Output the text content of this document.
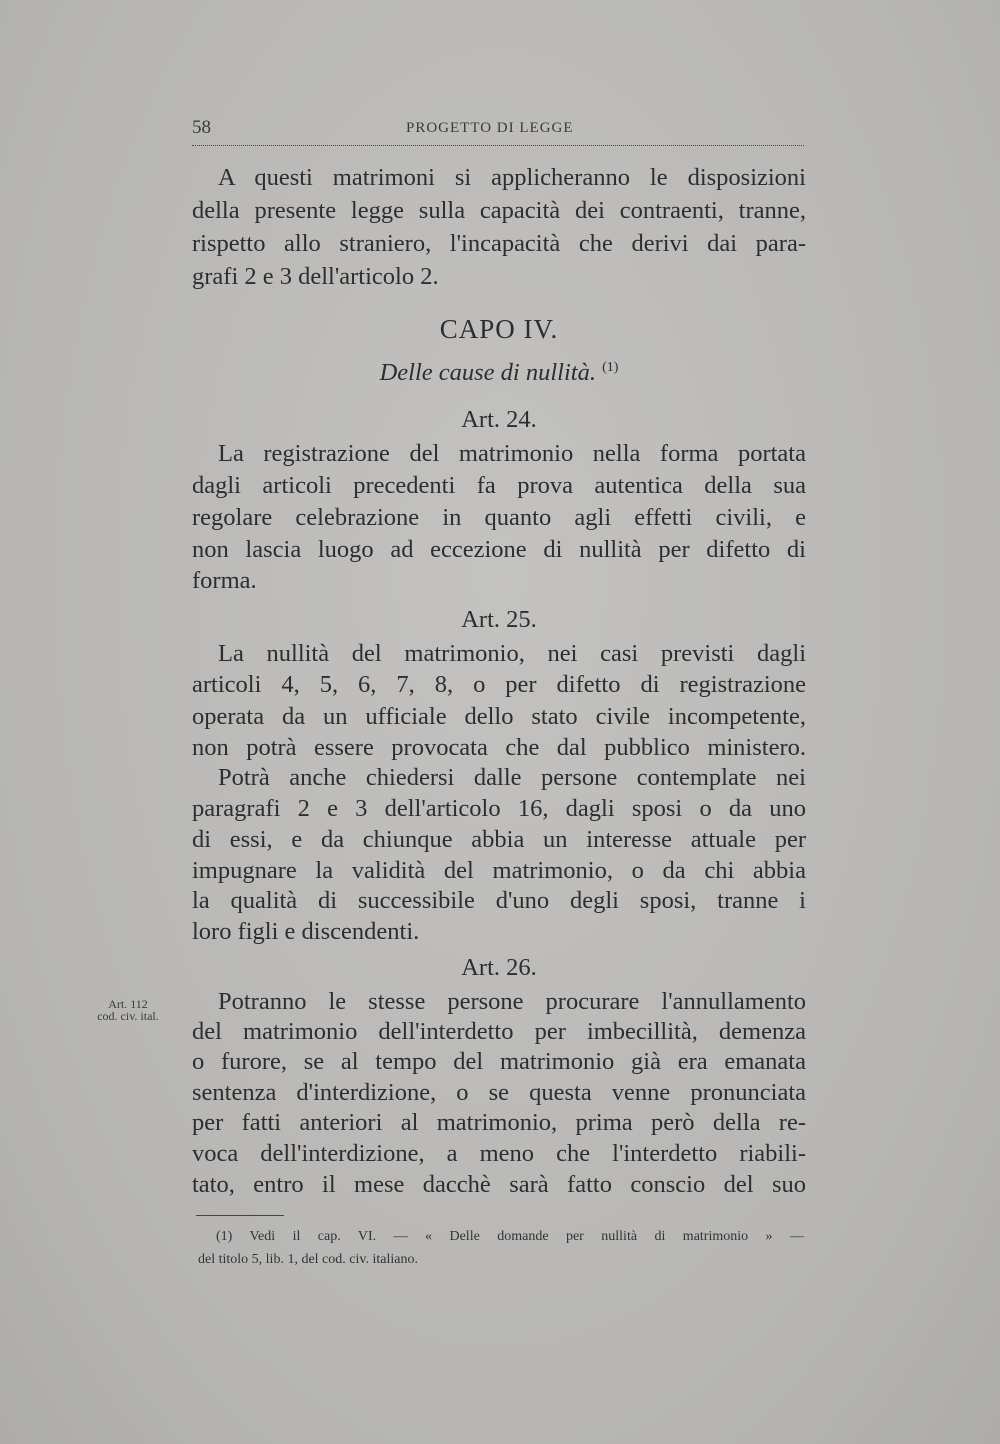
58	PROGETTO DI LEGGE
A questi matrimoni si applicheranno le disposizioni
della presente legge sulla capacità dei contraenti, tranne,
rispetto allo straniero, l'incapacità che derivi dai para-
grafi 2 e 3 dell'articolo 2.
CAPO IV.
Delle cause di nullità. $^{(1)}$
Art. 24.
La registrazione del matrimonio nella forma portata
dagli articoli precedenti fa prova autentica della sua
regolare celebrazione in quanto agli effetti civili, e
non lascia luogo ad eccezione di nullità per difetto di
forma.
Art. 25.
La nullità del matrimonio, nei casi previsti dagli
articoli 4, 5, 6, 7, 8, o per difetto di registrazione
operata da un ufficiale dello stato civile incompetente,
non potrà essere provocata che dal pubblico ministero.
Potrà anche chiedersi dalle persone contemplate nei
paragrafi 2 e 3 dell'articolo 16, dagli sposi o da uno
di essi, e da chiunque abbia un interesse attuale per
impugnare la validità del matrimonio, o da chi abbia
la qualità di successibile d'uno degli sposi, tranne i
loro figli e discendenti.
Art. 26.
Art. 112
cod. civ. ital.
Potranno le stesse persone procurare l'annullamento
del matrimonio dell'interdetto per imbecillità, demenza
o furore, se al tempo del matrimonio già era emanata
sentenza d'interdizione, o se questa venne pronunciata
per fatti anteriori al matrimonio, prima però della re-
voca dell'interdizione, a meno che l'interdetto riabili-
tato, entro il mese dacchè sarà fatto conscio del suo
(1) Vedi il cap. VI. — « Delle domande per nullità di matrimonio » —
del titolo 5, lib. 1, del cod. civ. italiano.
